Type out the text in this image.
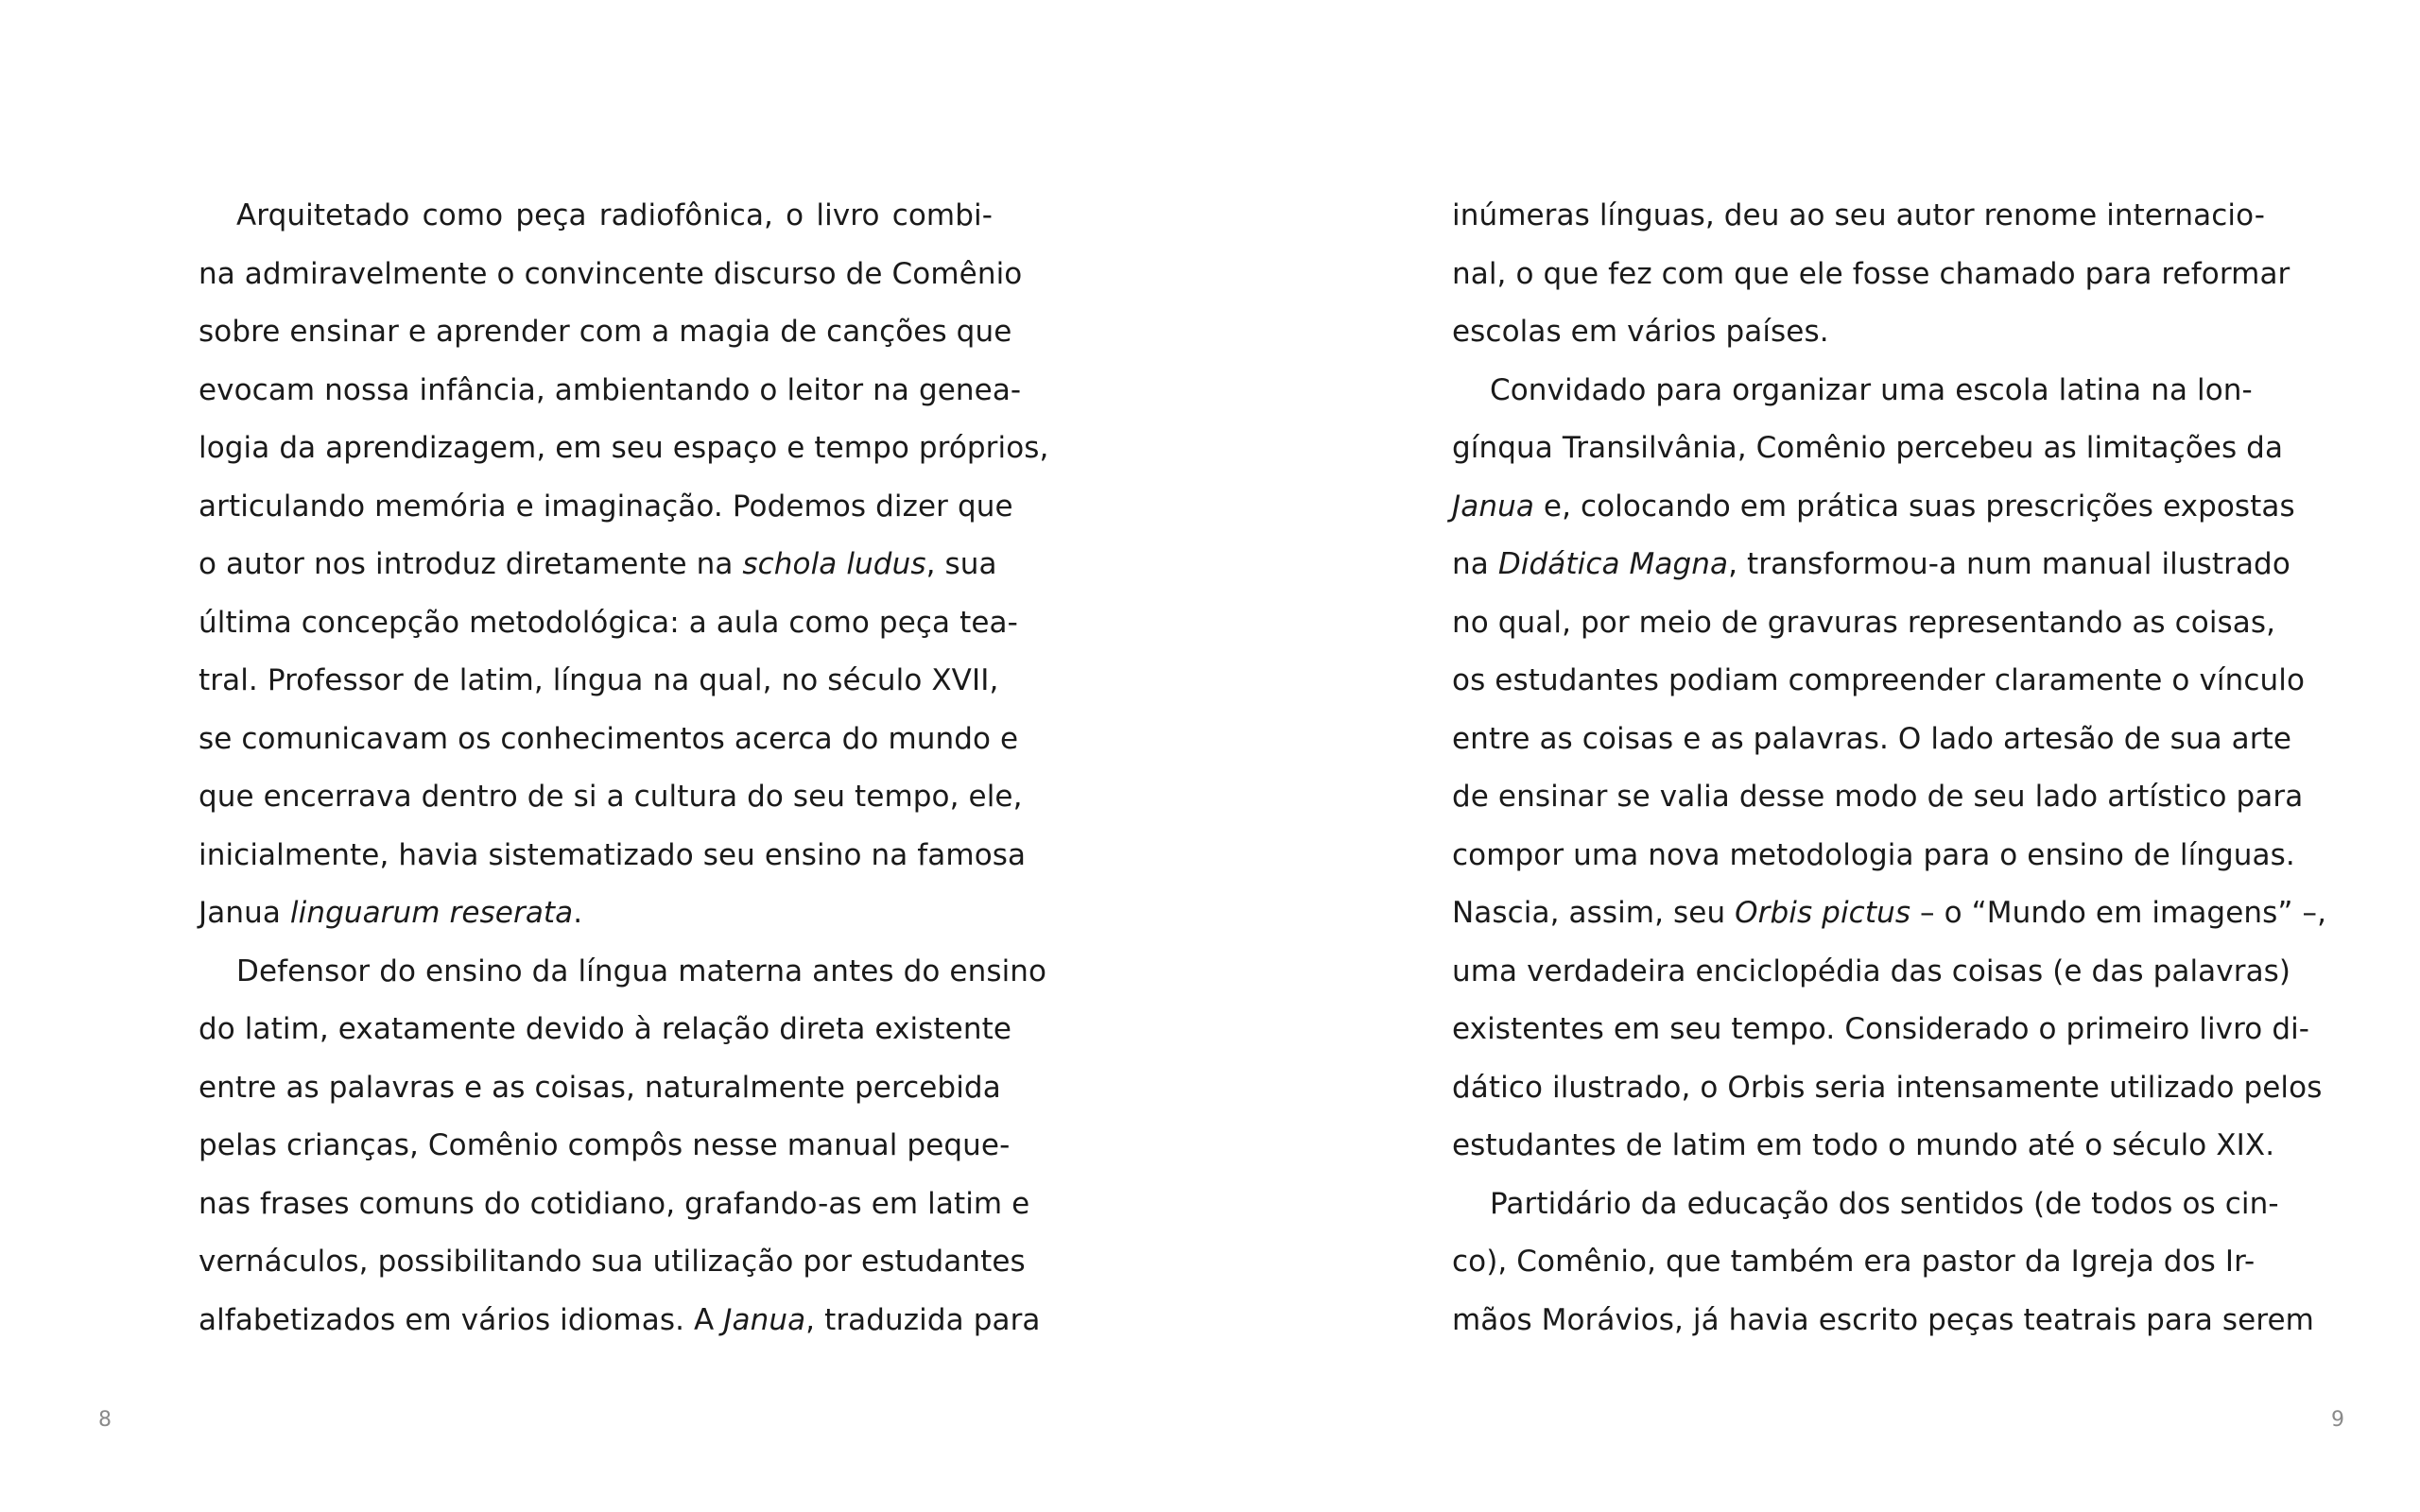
Arquitetado como peça radiofônica, o livro combi-
na admiravelmente o convincente discurso de Comênio
sobre ensinar e aprender com a magia de canções que
evocam nossa infância, ambientando o leitor na genea-
logia da aprendizagem, em seu espaço e tempo próprios,
articulando memória e imaginação. Podemos dizer que
o autor nos introduz diretamente na schola ludus, sua
última concepção metodológica: a aula como peça tea-
tral. Professor de latim, língua na qual, no século XVII,
se comunicavam os conhecimentos acerca do mundo e
que encerrava dentro de si a cultura do seu tempo, ele,
inicialmente, havia sistematizado seu ensino na famosa
Janua linguarum reserata.
Defensor do ensino da língua materna antes do ensino
do latim, exatamente devido à relação direta existente
entre as palavras e as coisas, naturalmente percebida
pelas crianças, Comênio compôs nesse manual peque-
nas frases comuns do cotidiano, grafando-as em latim e
vernáculos, possibilitando sua utilização por estudantes
alfabetizados em vários idiomas. A Janua, traduzida para
8
inúmeras línguas, deu ao seu autor renome internacio-
nal, o que fez com que ele fosse chamado para reformar
escolas em vários países.
Convidado para organizar uma escola latina na lon-
gínqua Transilvânia, Comênio percebeu as limitações da
Janua e, colocando em prática suas prescrições expostas
na Didática Magna, transformou-a num manual ilustrado
no qual, por meio de gravuras representando as coisas,
os estudantes podiam compreender claramente o vínculo
entre as coisas e as palavras. O lado artesão de sua arte
de ensinar se valia desse modo de seu lado artístico para
compor uma nova metodologia para o ensino de línguas.
Nascia, assim, seu Orbis pictus – o “Mundo em imagens” –,
uma verdadeira enciclopédia das coisas (e das palavras)
existentes em seu tempo. Considerado o primeiro livro di-
dático ilustrado, o Orbis seria intensamente utilizado pelos
estudantes de latim em todo o mundo até o século XIX.
Partidário da educação dos sentidos (de todos os cin-
co), Comênio, que também era pastor da Igreja dos Ir-
mãos Morávios, já havia escrito peças teatrais para serem
9
